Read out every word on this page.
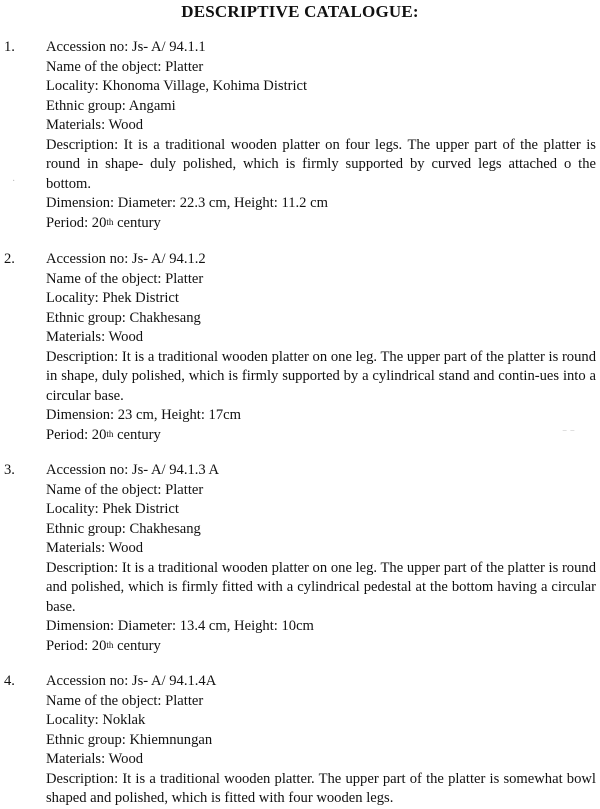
DESCRIPTIVE CATALOGUE:
1. Accession no: Js- A/ 94.1.1
Name of the object: Platter
Locality: Khonoma Village, Kohima District
Ethnic group: Angami
Materials: Wood
Description: It is a traditional wooden platter on four legs. The upper part of the platter is round in shape- duly polished, which is firmly supported by curved legs attached o the bottom.
Dimension: Diameter: 22.3 cm, Height: 11.2 cm
Period: 20th century
2. Accession no: Js- A/ 94.1.2
Name of the object: Platter
Locality: Phek District
Ethnic group: Chakhesang
Materials: Wood
Description: It is a traditional wooden platter on one leg. The upper part of the platter is round in shape, duly polished, which is firmly supported by a cylindrical stand and contin-ues into a circular base.
Dimension: 23 cm, Height: 17cm
Period: 20th century
3. Accession no: Js- A/ 94.1.3 A
Name of the object: Platter
Locality: Phek District
Ethnic group: Chakhesang
Materials: Wood
Description: It is a traditional wooden platter on one leg. The upper part of the platter is round and polished, which is firmly fitted with a cylindrical pedestal at the bottom having a circular base.
Dimension: Diameter: 13.4 cm, Height: 10cm
Period: 20th century
4. Accession no: Js- A/ 94.1.4A
Name of the object: Platter
Locality: Noklak
Ethnic group: Khiemnungan
Materials: Wood
Description: It is a traditional wooden platter. The upper part of the platter is somewhat bowl shaped and polished, which is fitted with four wooden legs.
⁻ ⁻
·
